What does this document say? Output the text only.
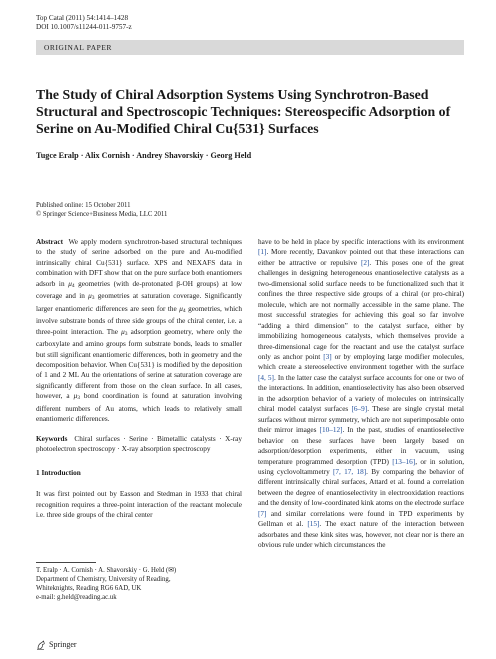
Top Catal (2011) 54:1414–1428
DOI 10.1007/s11244-011-9757-z
ORIGINAL PAPER
The Study of Chiral Adsorption Systems Using Synchrotron-Based Structural and Spectroscopic Techniques: Stereospecific Adsorption of Serine on Au-Modified Chiral Cu{531} Surfaces
Tugce Eralp · Alix Cornish · Andrey Shavorskiy · Georg Held
Published online: 15 October 2011
© Springer Science+Business Media, LLC 2011

Abstract We apply modern synchrotron-based structural techniques to the study of serine adsorbed on the pure and Au-modified intrinsically chiral Cu{531} surface. XPS and NEXAFS data in combination with DFT show that on the pure surface both enantiomers adsorb in μ4 geometries (with de-protonated β-OH groups) at low coverage and in μ3 geometries at saturation coverage. Significantly larger enantiomeric differences are seen for the μ4 geometries, which involve substrate bonds of three side groups of the chiral center, i.e. a three-point interaction. The μ3 adsorption geometry, where only the carboxylate and amino groups form substrate bonds, leads to smaller but still significant enantiomeric differences, both in geometry and the decomposition behavior. When Cu{531} is modified by the deposition of 1 and 2 ML Au the orientations of serine at saturation coverage are significantly different from those on the clean surface. In all cases, however, a μ3 bond coordination is found at saturation involving different numbers of Au atoms, which leads to relatively small enantiomeric differences.

Keywords Chiral surfaces · Serine · Bimetallic catalysts · X-ray photoelectron spectroscopy · X-ray absorption spectroscopy

1 Introduction

It was first pointed out by Easson and Stedman in 1933 that chiral recognition requires a three-point interaction of the reactant molecule i.e. three side groups of the chiral center

T. Eralp · A. Cornish · A. Shavorskiy · G. Held (✉)
Department of Chemistry, University of Reading,
Whiteknights, Reading RG6 6AD, UK
e-mail: g.held@reading.ac.uk

have to be held in place by specific interactions with its environment [1]. More recently, Davankov pointed out that these interactions can either be attractive or repulsive [2]. This poses one of the great challenges in designing heterogeneous enantioselective catalysts as a two-dimensional solid surface needs to be functionalized such that it confines the three respective side groups of a chiral (or pro-chiral) molecule, which are not normally accessible in the same plane. The most successful strategies for achieving this goal so far involve “adding a third dimension” to the catalyst surface, either by immobilizing homogeneous catalysts, which themselves provide a three-dimensional cage for the reactant and use the catalyst surface only as anchor point [3] or by employing large modifier molecules, which create a stereoselective environment together with the surface [4, 5]. In the latter case the catalyst surface accounts for one or two of the interactions. In addition, enantioselectivity has also been observed in the adsorption behavior of a variety of molecules on intrinsically chiral model catalyst surfaces [6–9]. These are single crystal metal surfaces without mirror symmetry, which are not superimposable onto their mirror images [10–12]. In the past, studies of enantioselective behavior on these surfaces have been largely based on adsorption/desorption experiments, either in vacuum, using temperature programmed desorption (TPD) [13–16], or in solution, using cyclovoltammetry [7, 17, 18]. By comparing the behavior of different intrinsically chiral surfaces, Attard et al. found a correlation between the degree of enantioselectivity in electrooxidation reactions and the density of low-coordinated kink atoms on the electrode surface [7] and similar correlations were found in TPD experiments by Gellman et al. [15]. The exact nature of the interaction between adsorbates and these kink sites was, however, not clear nor is there an obvious rule under which circumstances the

Springer
